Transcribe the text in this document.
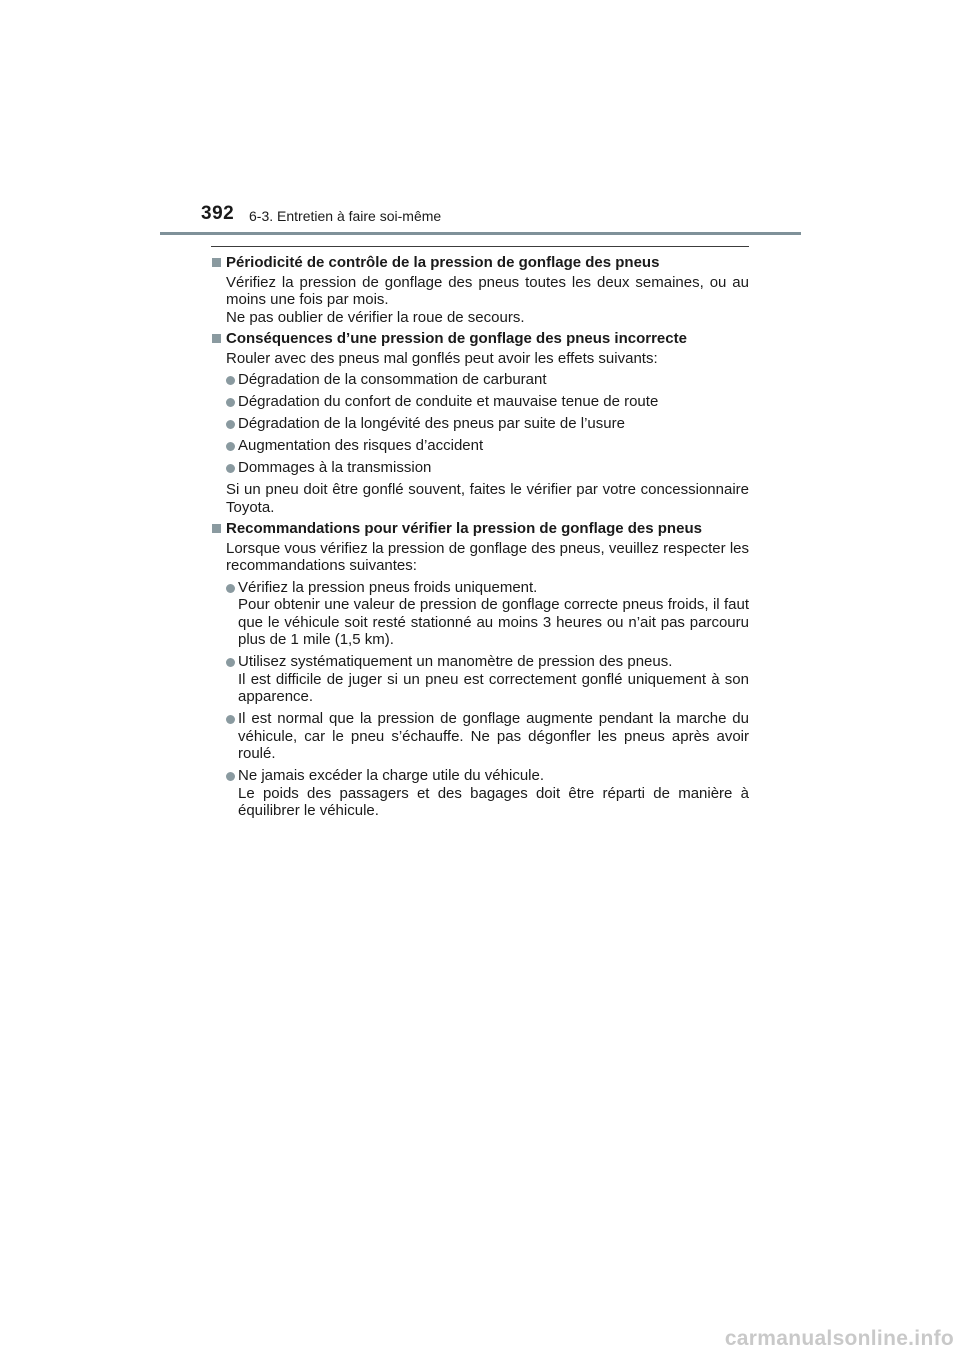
392 6-3. Entretien à faire soi-même
Périodicité de contrôle de la pression de gonflage des pneus
Vérifiez la pression de gonflage des pneus toutes les deux semaines, ou au moins une fois par mois.
Ne pas oublier de vérifier la roue de secours.
Conséquences d’une pression de gonflage des pneus incorrecte
Rouler avec des pneus mal gonflés peut avoir les effets suivants:
Dégradation de la consommation de carburant
Dégradation du confort de conduite et mauvaise tenue de route
Dégradation de la longévité des pneus par suite de l’usure
Augmentation des risques d’accident
Dommages à la transmission
Si un pneu doit être gonflé souvent, faites le vérifier par votre concessionnaire Toyota.
Recommandations pour vérifier la pression de gonflage des pneus
Lorsque vous vérifiez la pression de gonflage des pneus, veuillez respecter les recommandations suivantes:
Vérifiez la pression pneus froids uniquement.
Pour obtenir une valeur de pression de gonflage correcte pneus froids, il faut que le véhicule soit resté stationné au moins 3 heures ou n’ait pas parcouru plus de 1 mile (1,5 km).
Utilisez systématiquement un manomètre de pression des pneus.
Il est difficile de juger si un pneu est correctement gonflé uniquement à son apparence.
Il est normal que la pression de gonflage augmente pendant la marche du véhicule, car le pneu s’échauffe. Ne pas dégonfler les pneus après avoir roulé.
Ne jamais excéder la charge utile du véhicule.
Le poids des passagers et des bagages doit être réparti de manière à équilibrer le véhicule.
carmanualsonline.info
